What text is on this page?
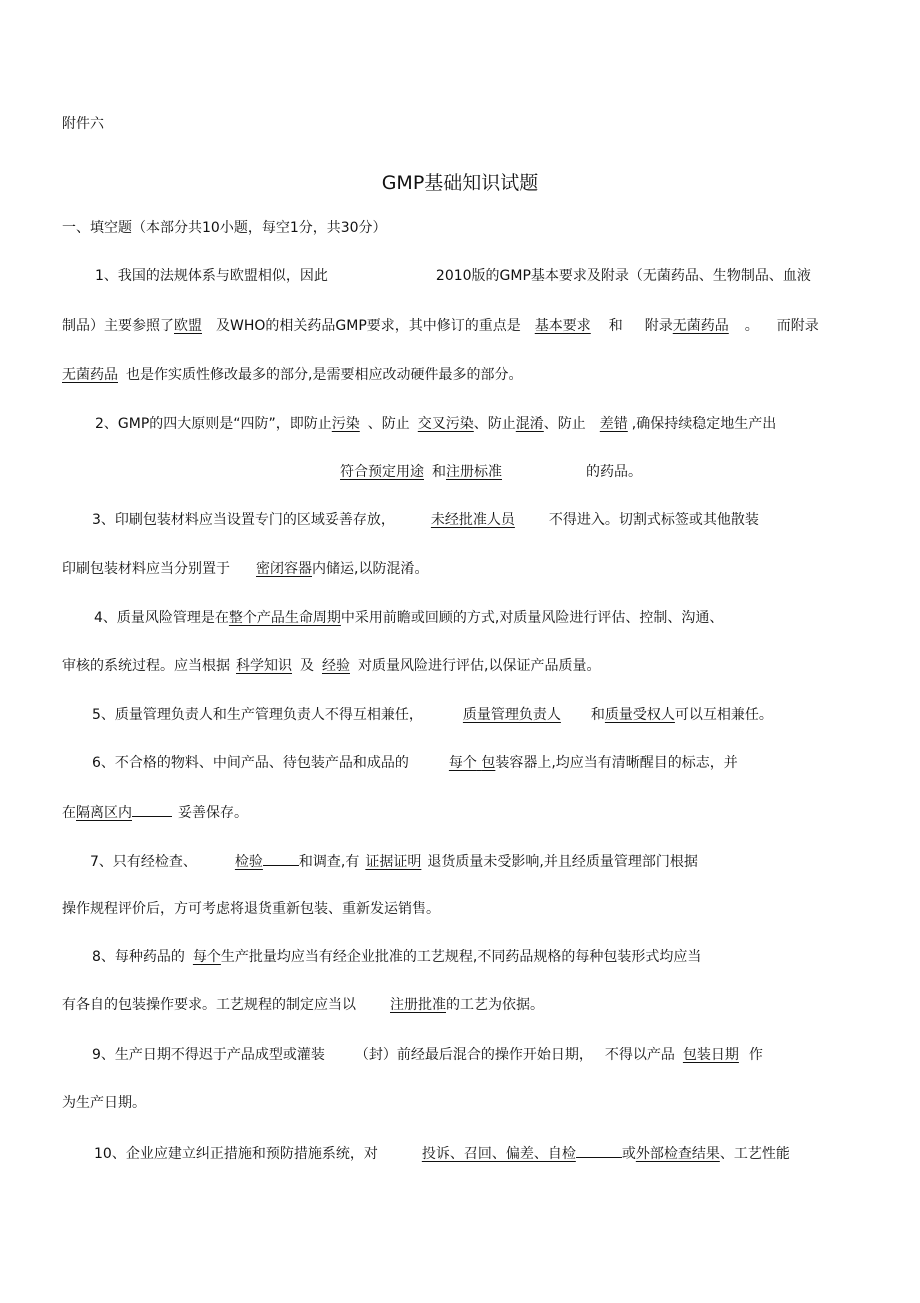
附件六
GMP基础知识试题
一、填空题（本部分共10小题，每空1分，共30分）
1、我国的法规体系与欧盟相似，因此	2010版的GMP基本要求及附录（无菌药品、生物制品、血液
制品）主要参照了欧盟 及WHO的相关药品GMP要求，其中修订的重点是 基本要求 和 附录无菌药品 。 而附录
无菌药品 也是作实质性修改最多的部分,是需要相应改动硬件最多的部分。
2、GMP的四大原则是“四防”，即防止污染 、防止 交叉污染、防止混淆、防止 差错 ,确保持续稳定地生产出
符合预定用途 和注册标准	的药品。
3、印刷包装材料应当设置专门的区域妥善存放，	未经批准人员 不得进入。切割式标签或其他散装
印刷包装材料应当分别置于 密闭容器内储运,以防混淆。
4、质量风险管理是在整个产品生命周期中采用前瞻或回顾的方式,对质量风险进行评估、控制、沟通、
审核的系统过程。应当根据 科学知识 及 经验 对质量风险进行评估,以保证产品质量。
5、质量管理负责人和生产管理负责人不得互相兼任，	质量管理负责人 和质量受权人可以互相兼任。
6、不合格的物料、中间产品、待包装产品和成品的	每个 包装容器上,均应当有清晰醒目的标志，并
在隔离区内	妥善保存。
7、只有经检查、	检验	和调查,有 证据证明 退货质量未受影响,并且经质量管理部门根据
操作规程评价后，方可考虑将退货重新包装、重新发运销售。
8、每种药品的 每个生产批量均应当有经企业批准的工艺规程,不同药品规格的每种包装形式均应当
有各自的包装操作要求。工艺规程的制定应当以 注册批准的工艺为依据。
9、生产日期不得迟于产品成型或灌装 （封）前经最后混合的操作开始日期， 不得以产品 包装日期 作
为生产日期。
10、企业应建立纠正措施和预防措施系统，对	投诉、召回、偏差、自检	或外部检查结果、工艺性能
